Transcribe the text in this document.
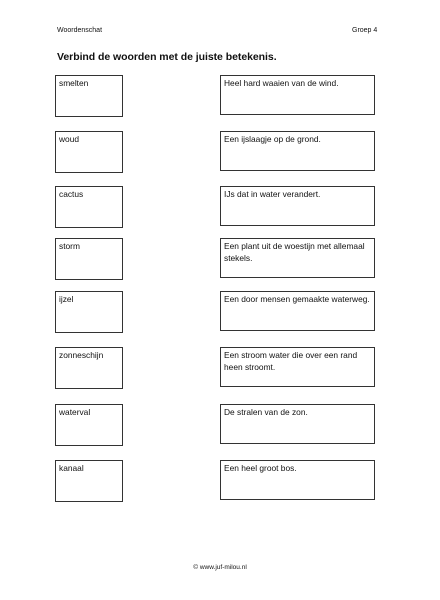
Woordenschat	Groep 4
Verbind de woorden met de juiste betekenis.
smelten
woud
cactus
storm
ijzel
zonneschijn
waterval
kanaal
Heel hard waaien van de wind.
Een ijslaagje op de grond.
IJs dat in water verandert.
Een plant uit de woestijn met allemaal stekels.
Een door mensen gemaakte waterweg.
Een stroom water die over een rand heen stroomt.
De stralen van de zon.
Een heel groot bos.
© www.juf-milou.nl
